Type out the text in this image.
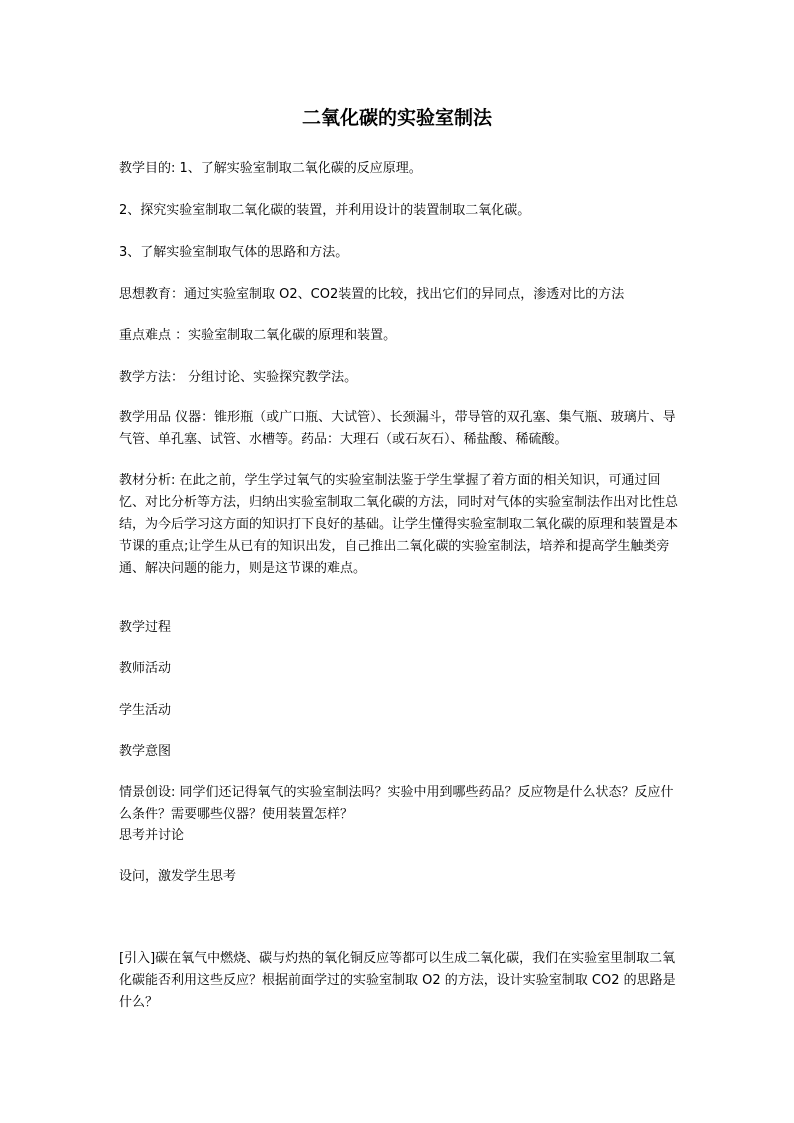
二氧化碳的实验室制法

教学目的: 1、了解实验室制取二氧化碳的反应原理。

2、探究实验室制取二氧化碳的装置，并利用设计的装置制取二氧化碳。

3、了解实验室制取气体的思路和方法。

思想教育：通过实验室制取 O2、CO2装置的比较，找出它们的异同点，渗透对比的方法

重点难点 ：实验室制取二氧化碳的原理和装置。

教学方法： 分组讨论、实验探究教学法。

教学用品 仪器：锥形瓶（或广口瓶、大试管）、长颈漏斗，带导管的双孔塞、集气瓶、玻璃片、导气管、单孔塞、试管、水槽等。药品：大理石（或石灰石）、稀盐酸、稀硫酸。

教材分析: 在此之前，学生学过氧气的实验室制法鉴于学生掌握了着方面的相关知识，可通过回忆、对比分析等方法，归纳出实验室制取二氧化碳的方法，同时对气体的实验室制法作出对比性总结，为今后学习这方面的知识打下良好的基础。让学生懂得实验室制取二氧化碳的原理和装置是本节课的重点;让学生从已有的知识出发，自己推出二氧化碳的实验室制法，培养和提高学生触类旁通、解决问题的能力，则是这节课的难点。

教学过程

教师活动

学生活动

教学意图

情景创设: 同学们还记得氧气的实验室制法吗？实验中用到哪些药品？反应物是什么状态？反应什么条件？需要哪些仪器？使用装置怎样？

思考并讨论

设问，激发学生思考

[引入]碳在氧气中燃烧、碳与灼热的氧化铜反应等都可以生成二氧化碳，我们在实验室里制取二氧化碳能否利用这些反应？根据前面学过的实验室制取 O2 的方法，设计实验室制取 CO2 的思路是什么？
